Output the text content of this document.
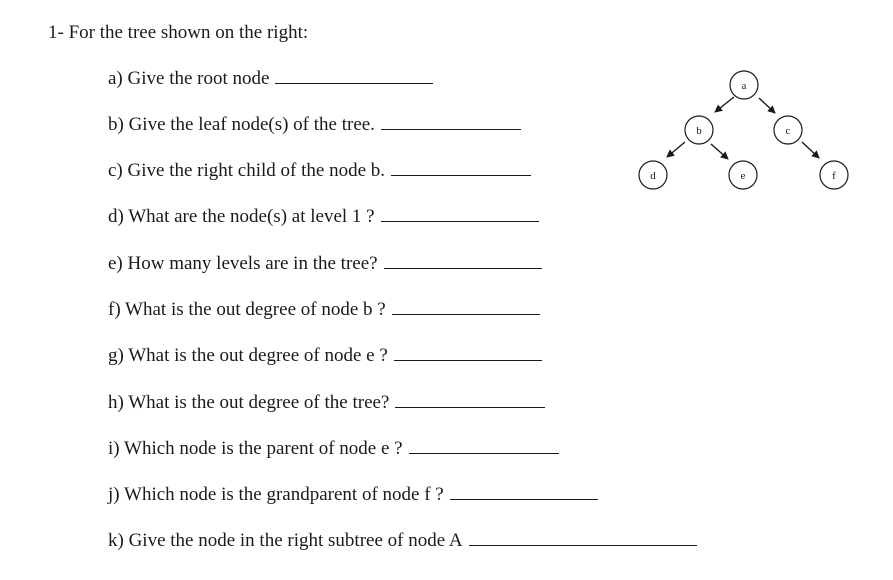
1- For the tree shown on the right:
a) Give the root node
b) Give the leaf node(s) of the tree.
c) Give the right child of the node b.
d) What are the node(s) at level 1 ?
e) How many levels are in the tree?
f) What is the out degree of node b ?
g) What is the out degree of node e ?
h) What is the out degree of the tree?
i) Which node is the parent of node e ?
j) Which node is the grandparent of node f ?
k) Give the node in the right subtree of node A
a
b	c
d	e	f
